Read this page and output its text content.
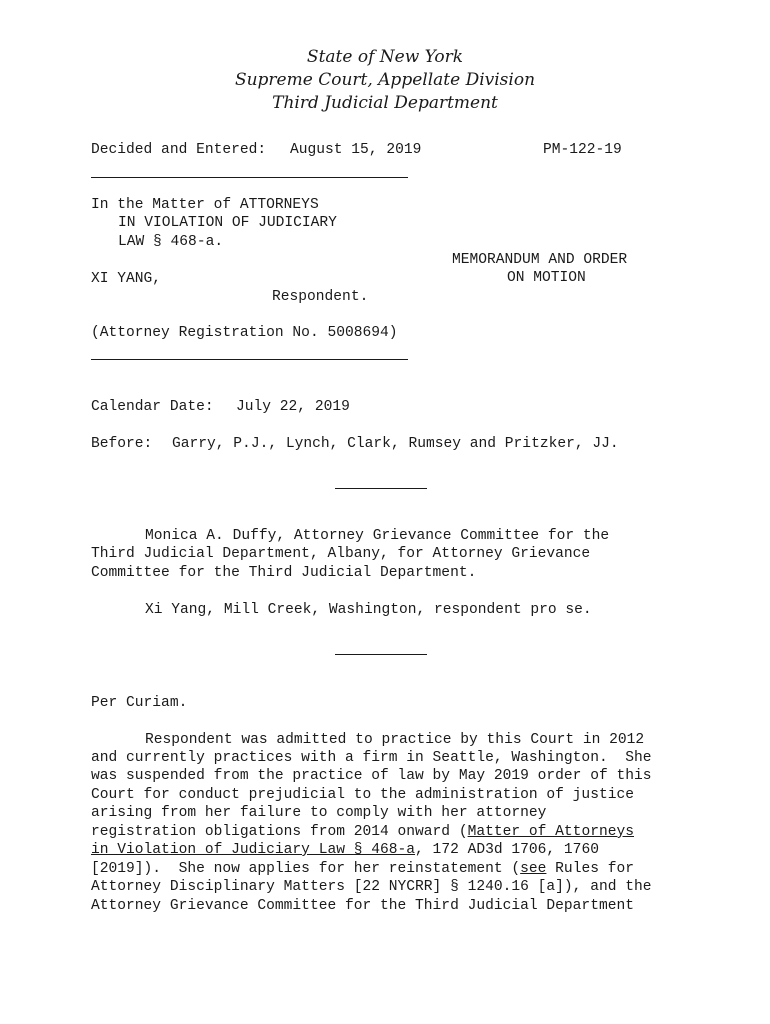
State of New York
Supreme Court, Appellate Division
Third Judicial Department
Decided and Entered: August 15, 2019	PM-122-19
In the Matter of ATTORNEYS
IN VIOLATION OF JUDICIARY
LAW § 468-a.
MEMORANDUM AND ORDER
ON MOTION
XI YANG,
Respondent.
(Attorney Registration No. 5008694)
Calendar Date: July 22, 2019
Before: Garry, P.J., Lynch, Clark, Rumsey and Pritzker, JJ.
Monica A. Duffy, Attorney Grievance Committee for the
Third Judicial Department, Albany, for Attorney Grievance
Committee for the Third Judicial Department.
Xi Yang, Mill Creek, Washington, respondent pro se.
Per Curiam.
Respondent was admitted to practice by this Court in 2012
and currently practices with a firm in Seattle, Washington.  She
was suspended from the practice of law by May 2019 order of this
Court for conduct prejudicial to the administration of justice
arising from her failure to comply with her attorney
registration obligations from 2014 onward (Matter of Attorneys
in Violation of Judiciary Law § 468-a, 172 AD3d 1706, 1760
[2019]).  She now applies for her reinstatement (see Rules for
Attorney Disciplinary Matters [22 NYCRR] § 1240.16 [a]), and the
Attorney Grievance Committee for the Third Judicial Department
